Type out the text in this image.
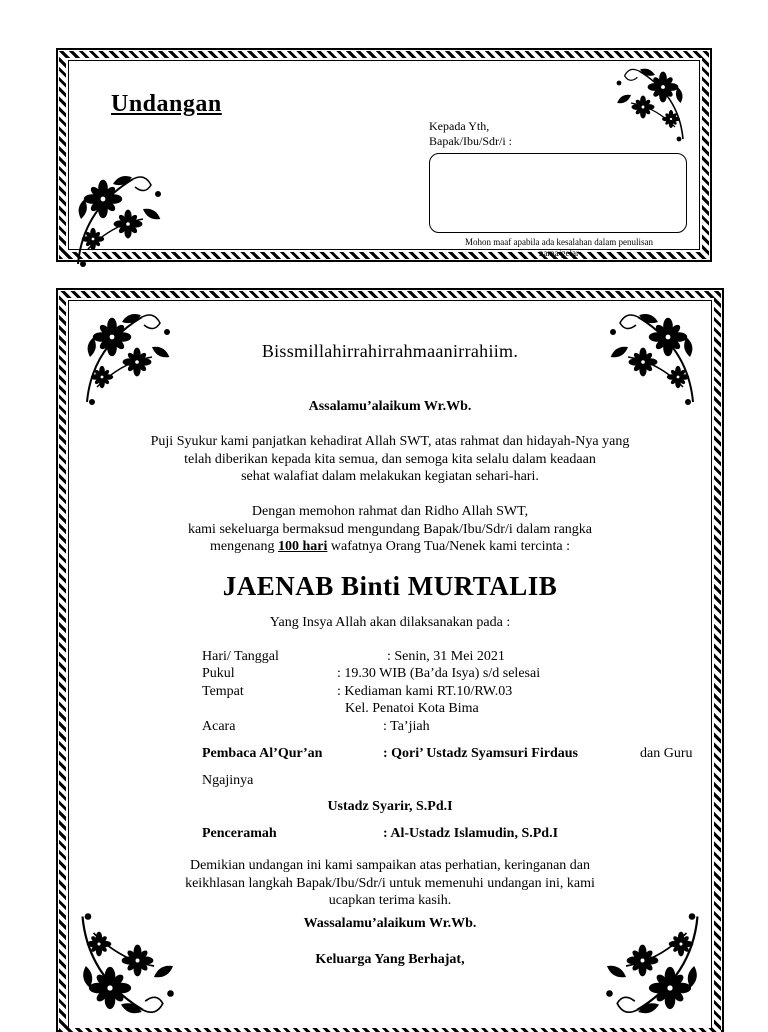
Undangan
Kepada Yth,
Bapak/Ibu/Sdr/i :
Mohon maaf apabila ada kesalahan dalam penulisan nama/gelar
Bissmillahirrahirrahmaanirrahiim.
Assalamu’alaikum Wr.Wb.
Puji Syukur kami panjatkan kehadirat Allah SWT, atas rahmat dan hidayah-Nya yang
telah diberikan kepada kita semua, dan semoga kita selalu dalam keadaan
sehat walafiat dalam melakukan kegiatan sehari-hari.
Dengan memohon rahmat dan Ridho Allah SWT,
kami sekeluarga bermaksud mengundang Bapak/Ibu/Sdr/i dalam rangka
mengenang 100 hari wafatnya Orang Tua/Nenek kami tercinta :
JAENAB Binti MURTALIB
Yang Insya Allah akan dilaksanakan pada :
Hari/ Tanggal	: Senin, 31 Mei 2021
Pukul	: 19.30 WIB (Ba’da Isya) s/d selesai
Tempat	: Kediaman kami RT.10/RW.03
Kel. Penatoi Kota Bima
Acara	: Ta’jiah
Pembaca Al’Qur’an	: Qori’ Ustadz Syamsuri Firdaus	dan Guru
Ngajinya
Ustadz Syarir, S.Pd.I
Penceramah	: Al-Ustadz Islamudin, S.Pd.I
Demikian undangan ini kami sampaikan atas perhatian, keringanan dan
keikhlasan langkah Bapak/Ibu/Sdr/i untuk memenuhi undangan ini, kami
ucapkan terima kasih.
Wassalamu’alaikum Wr.Wb.
Keluarga Yang Berhajat,
